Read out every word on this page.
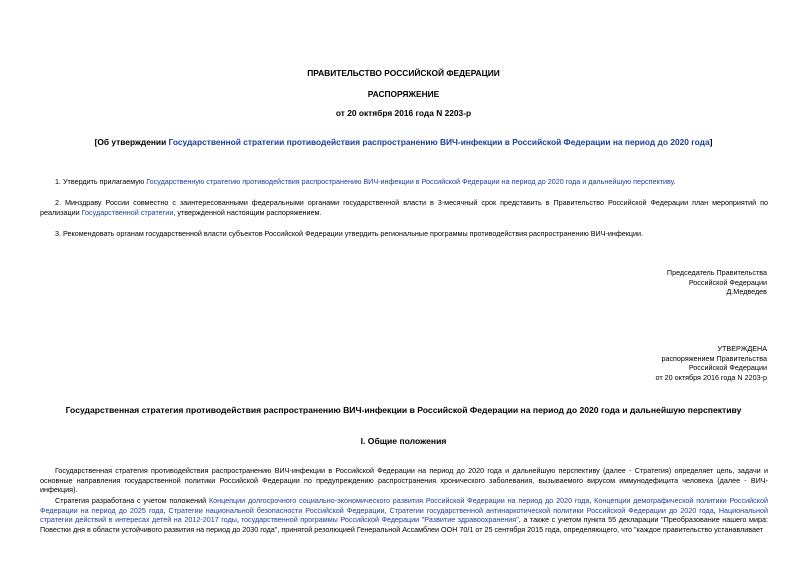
ПРАВИТЕЛЬСТВО РОССИЙСКОЙ ФЕДЕРАЦИИ
РАСПОРЯЖЕНИЕ
от 20 октября 2016 года N 2203-р
[Об утверждении Государственной стратегии противодействия распространению ВИЧ-инфекции в Российской Федерации на период до 2020 года]
1. Утвердить прилагаемую Государственную стратегию противодействия распространению ВИЧ-инфекции в Российской Федерации на период до 2020 года и дальнейшую перспективу.
2. Минздраву России совместно с заинтересованными федеральными органами государственной власти в 3-месячный срок представить в Правительство Российской Федерации план мероприятий по реализации Государственной стратегии, утвержденной настоящим распоряжением.
3. Рекомендовать органам государственной власти субъектов Российской Федерации утвердить региональные программы противодействия распространению ВИЧ-инфекции.
Председатель Правительства
Российской Федерации
Д.Медведев
УТВЕРЖДЕНА
распоряжением Правительства
Российской Федерации
от 20 октября 2016 года N 2203-р
Государственная стратегия противодействия распространению ВИЧ-инфекции в Российской Федерации на период до 2020 года и дальнейшую перспективу
I. Общие положения
Государственная стратегия противодействия распространению ВИЧ-инфекции в Российской Федерации на период до 2020 года и дальнейшую перспективу (далее - Стратегия) определяет цель, задачи и основные направления государственной политики Российской Федерации по предупреждению распространения хронического заболевания, вызываемого вирусом иммунодефицита человека (далее - ВИЧ-инфекция).
Стратегия разработана с учетом положений Концепции долгосрочного социально-экономического развития Российской Федерации на период до 2020 года, Концепции демографической политики Российской Федерации на период до 2025 года, Стратегии национальной безопасности Российской Федерации, Стратегии государственной антинаркотической политики Российской Федерации до 2020 года, Национальной стратегии действий в интересах детей на 2012-2017 годы, государственной программы Российской Федерации "Развитие здравоохранения", а также с учетом пункта 55 декларации "Преобразование нашего мира: Повестки дня в области устойчивого развития на период до 2030 года", принятой резолюцией Генеральной Ассамблеи ООН 70/1 от 25 сентября 2015 года, определяющего, что "каждое правительство устанавливает
